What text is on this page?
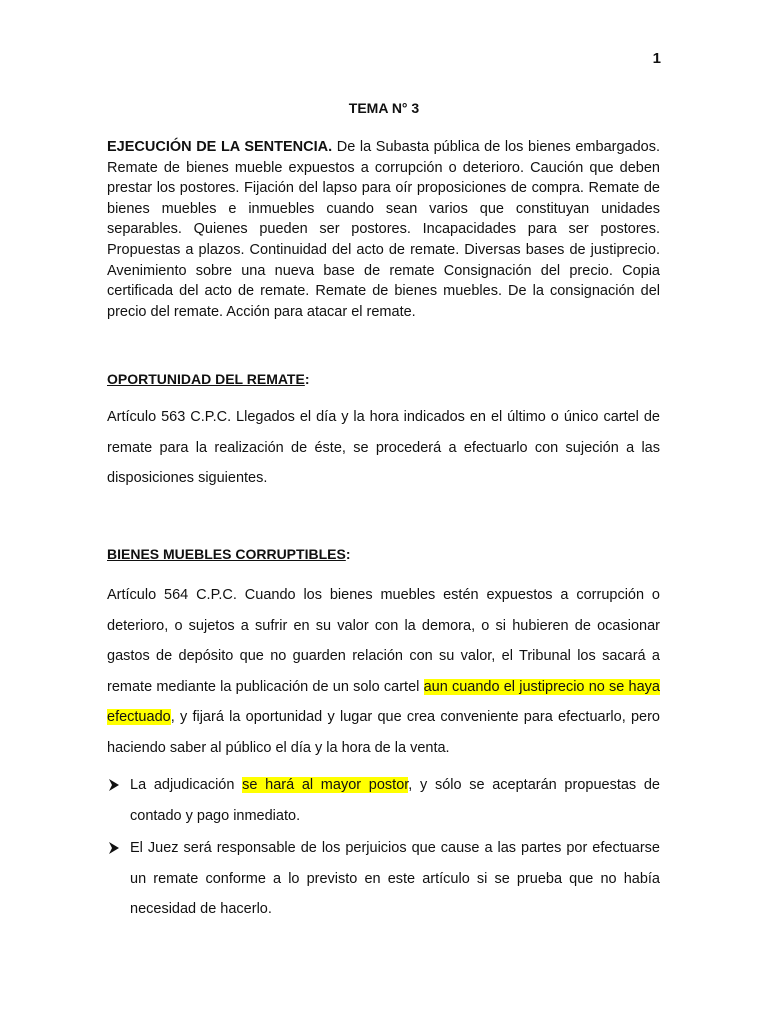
1
TEMA N° 3
EJECUCIÓN DE LA SENTENCIA. De la Subasta pública de los bienes embargados. Remate de bienes mueble expuestos a corrupción o deterioro. Caución que deben prestar los postores. Fijación del lapso para oír proposiciones de compra. Remate de bienes muebles e inmuebles cuando sean varios que constituyan unidades separables. Quienes pueden ser postores. Incapacidades para ser postores. Propuestas a plazos. Continuidad del acto de remate. Diversas bases de justiprecio. Avenimiento sobre una nueva base de remate Consignación del precio. Copia certificada del acto de remate. Remate de bienes muebles. De la consignación del precio del remate. Acción para atacar el remate.
OPORTUNIDAD DEL REMATE:
Artículo 563 C.P.C. Llegados el día y la hora indicados en el último o único cartel de remate para la realización de éste, se procederá a efectuarlo con sujeción a las disposiciones siguientes.
BIENES MUEBLES CORRUPTIBLES:
Artículo 564 C.P.C. Cuando los bienes muebles estén expuestos a corrupción o deterioro, o sujetos a sufrir en su valor con la demora, o si hubieren de ocasionar gastos de depósito que no guarden relación con su valor, el Tribunal los sacará a remate mediante la publicación de un solo cartel aun cuando el justiprecio no se haya efectuado, y fijará la oportunidad y lugar que crea conveniente para efectuarlo, pero haciendo saber al público el día y la hora de la venta.
La adjudicación se hará al mayor postor, y sólo se aceptarán propuestas de contado y pago inmediato.
El Juez será responsable de los perjuicios que cause a las partes por efectuarse un remate conforme a lo previsto en este artículo si se prueba que no había necesidad de hacerlo.
